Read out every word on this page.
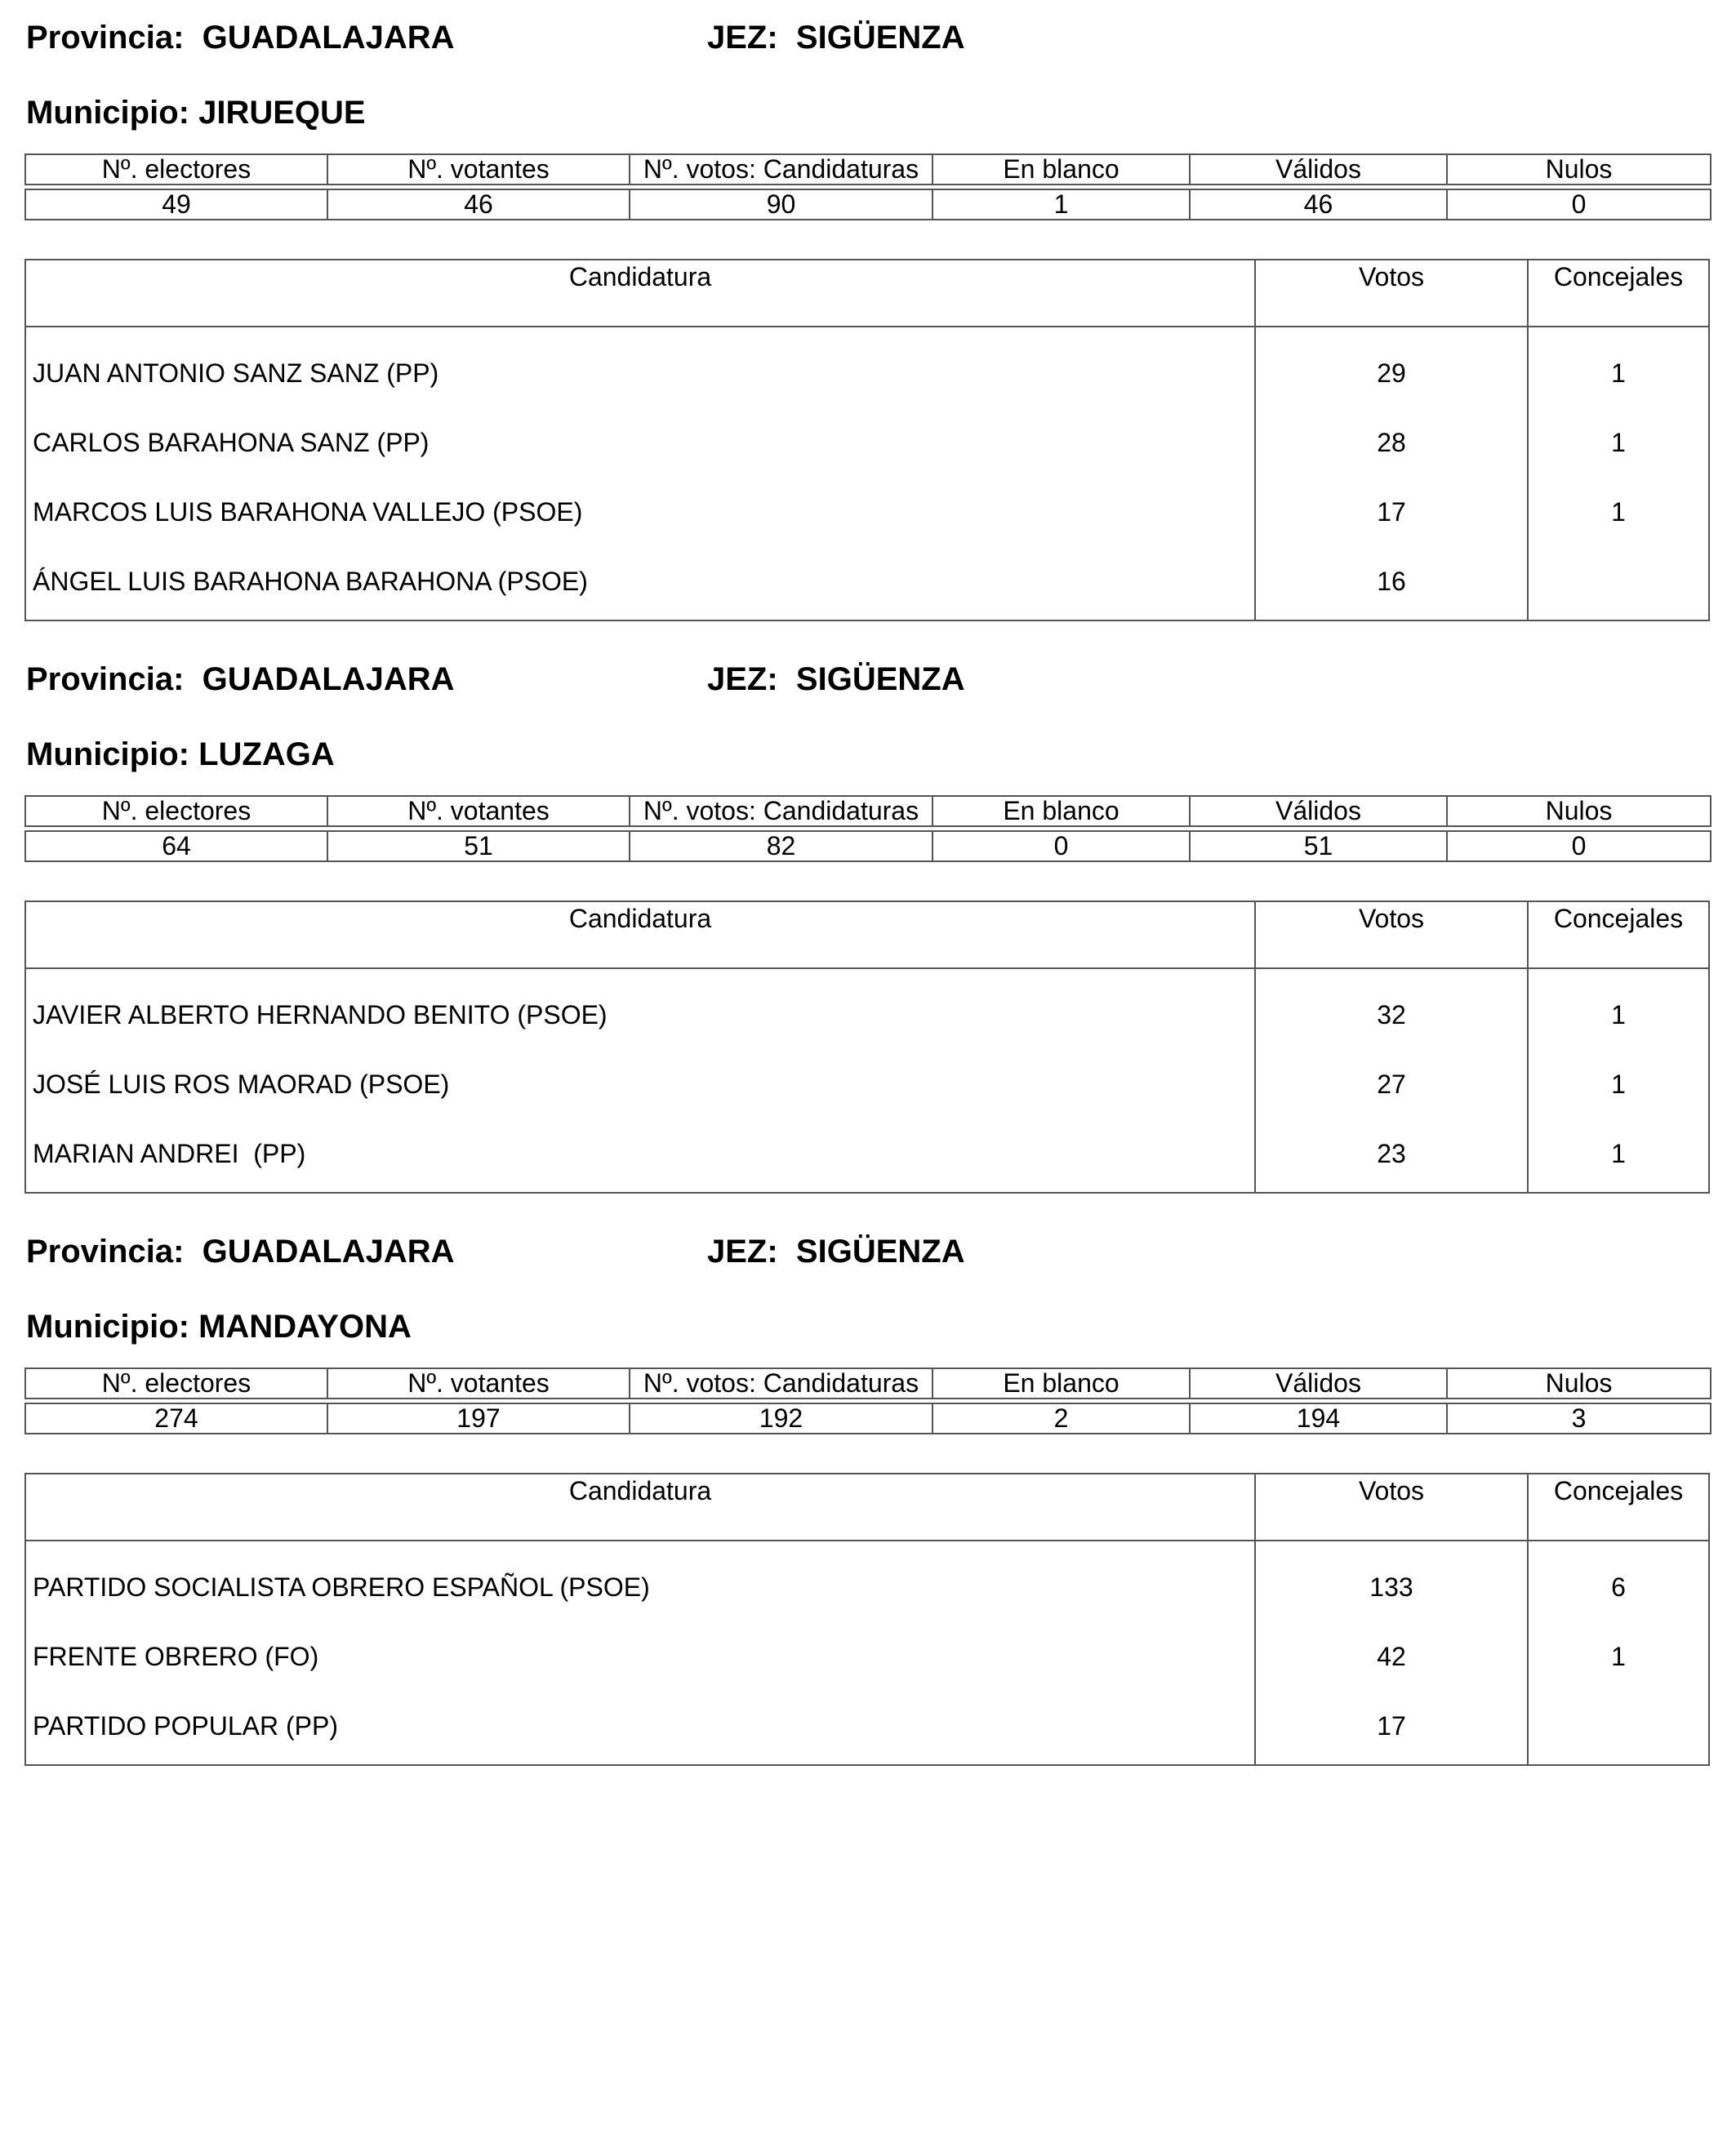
Provincia: GUADALAJARA	JEZ: SIGÜENZA
Municipio: JIRUEQUE
Nº. electores	Nº. votantes	Nº. votos: Candidaturas	En blanco	Válidos	Nulos
49	46	90	1	46	0
Candidatura	Votos	Concejales
JUAN ANTONIO SANZ SANZ (PP)	29	1
CARLOS BARAHONA SANZ (PP)	28	1
MARCOS LUIS BARAHONA VALLEJO (PSOE)	17	1
ÁNGEL LUIS BARAHONA BARAHONA (PSOE)	16
Provincia: GUADALAJARA	JEZ: SIGÜENZA
Municipio: LUZAGA
Nº. electores	Nº. votantes	Nº. votos: Candidaturas	En blanco	Válidos	Nulos
64	51	82	0	51	0
Candidatura	Votos	Concejales
JAVIER ALBERTO HERNANDO BENITO (PSOE)	32	1
JOSÉ LUIS ROS MAORAD (PSOE)	27	1
MARIAN ANDREI  (PP)	23	1
Provincia: GUADALAJARA	JEZ: SIGÜENZA
Municipio: MANDAYONA
Nº. electores	Nº. votantes	Nº. votos: Candidaturas	En blanco	Válidos	Nulos
274	197	192	2	194	3
Candidatura	Votos	Concejales
PARTIDO SOCIALISTA OBRERO ESPAÑOL (PSOE)	133	6
FRENTE OBRERO (FO)	42	1
PARTIDO POPULAR (PP)	17
